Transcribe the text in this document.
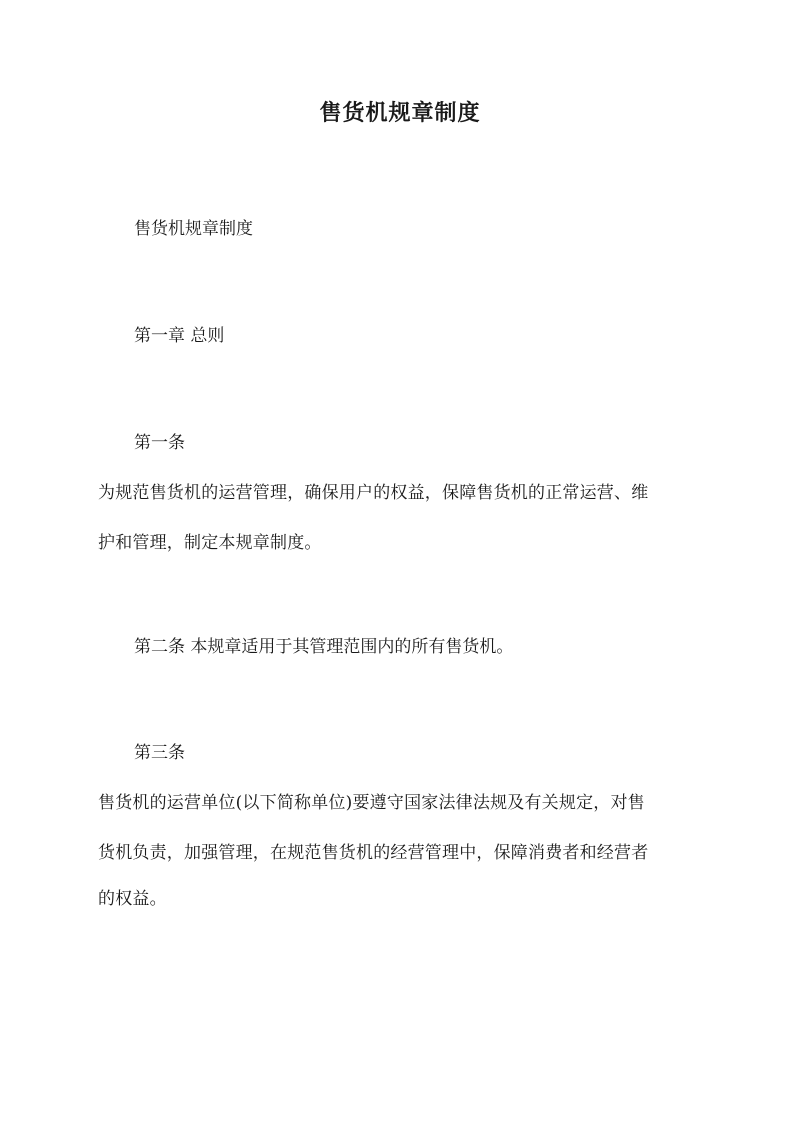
售货机规章制度

售货机规章制度

第一章 总则

第一条

为规范售货机的运营管理，确保用户的权益，保障售货机的正常运营、维

护和管理，制定本规章制度。

第二条 本规章适用于其管理范围内的所有售货机。

第三条

售货机的运营单位(以下简称单位)要遵守国家法律法规及有关规定，对售

货机负责，加强管理，在规范售货机的经营管理中，保障消费者和经营者

的权益。
